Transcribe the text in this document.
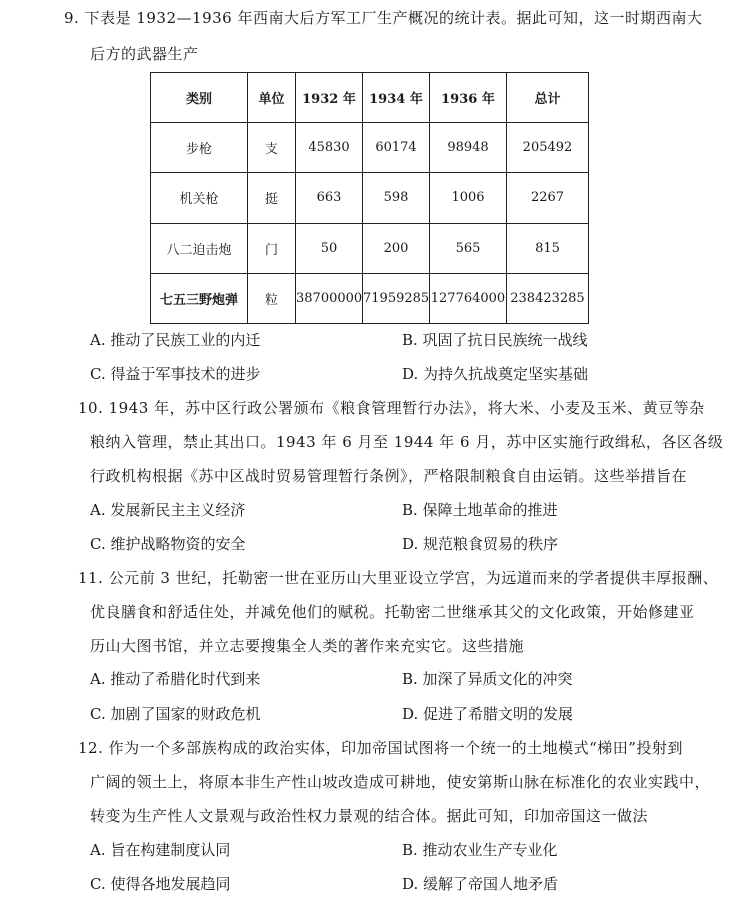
9. 下表是 1932—1936 年西南大后方军工厂生产概况的统计表。据此可知，这一时期西南大
后方的武器生产
类别	单位	1932 年	1934 年	1936 年	总计
步枪	支	45830	60174	98948	205492
机关枪	挺	663	598	1006	2267
八二迫击炮	门	50	200	565	815
七五三野炮弹	粒	38700000	71959285	127764000	238423285
A. 推动了民族工业的内迁	B. 巩固了抗日民族统一战线
C. 得益于军事技术的进步	D. 为持久抗战奠定坚实基础
10. 1943 年，苏中区行政公署颁布《粮食管理暂行办法》，将大米、小麦及玉米、黄豆等杂
粮纳入管理，禁止其出口。1943 年 6 月至 1944 年 6 月，苏中区实施行政缉私，各区各级
行政机构根据《苏中区战时贸易管理暂行条例》，严格限制粮食自由运销。这些举措旨在
A. 发展新民主主义经济	B. 保障土地革命的推进
C. 维护战略物资的安全	D. 规范粮食贸易的秩序
11. 公元前 3 世纪，托勒密一世在亚历山大里亚设立学宫，为远道而来的学者提供丰厚报酬、
优良膳食和舒适住处，并减免他们的赋税。托勒密二世继承其父的文化政策，开始修建亚
历山大图书馆，并立志要搜集全人类的著作来充实它。这些措施
A. 推动了希腊化时代到来	B. 加深了异质文化的冲突
C. 加剧了国家的财政危机	D. 促进了希腊文明的发展
12. 作为一个多部族构成的政治实体，印加帝国试图将一个统一的土地模式“梯田”投射到
广阔的领土上，将原本非生产性山坡改造成可耕地，使安第斯山脉在标准化的农业实践中，
转变为生产性人文景观与政治性权力景观的结合体。据此可知，印加帝国这一做法
A. 旨在构建制度认同	B. 推动农业生产专业化
C. 使得各地发展趋同	D. 缓解了帝国人地矛盾
